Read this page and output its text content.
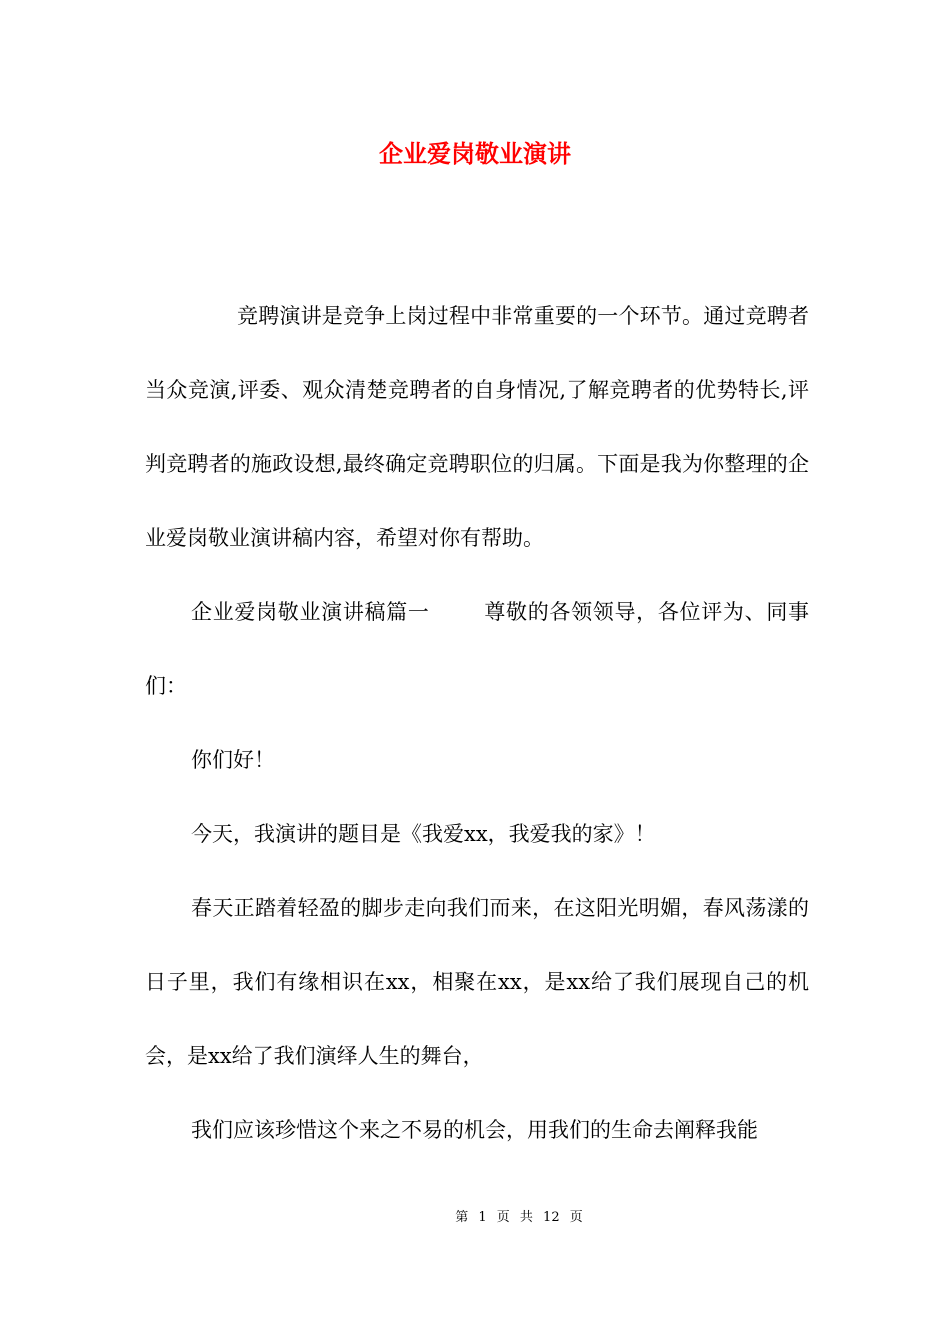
企业爱岗敬业演讲

竞聘演讲是竞争上岗过程中非常重要的一个环节。通过竞聘者当众竞演,评委、观众清楚竞聘者的自身情况,了解竞聘者的优势特长,评判竞聘者的施政设想,最终确定竞聘职位的归属。下面是我为你整理的企业爱岗敬业演讲稿内容，希望对你有帮助。

企业爱岗敬业演讲稿篇一	尊敬的各领领导，各位评为、同事们：

你们好！

今天，我演讲的题目是《我爱xx，我爱我的家》！

春天正踏着轻盈的脚步走向我们而来，在这阳光明媚，春风荡漾的日子里，我们有缘相识在xx，相聚在xx，是xx给了我们展现自己的机会，是xx给了我们演绎人生的舞台，

我们应该珍惜这个来之不易的机会，用我们的生命去阐释我能

第 1 页 共 12 页
